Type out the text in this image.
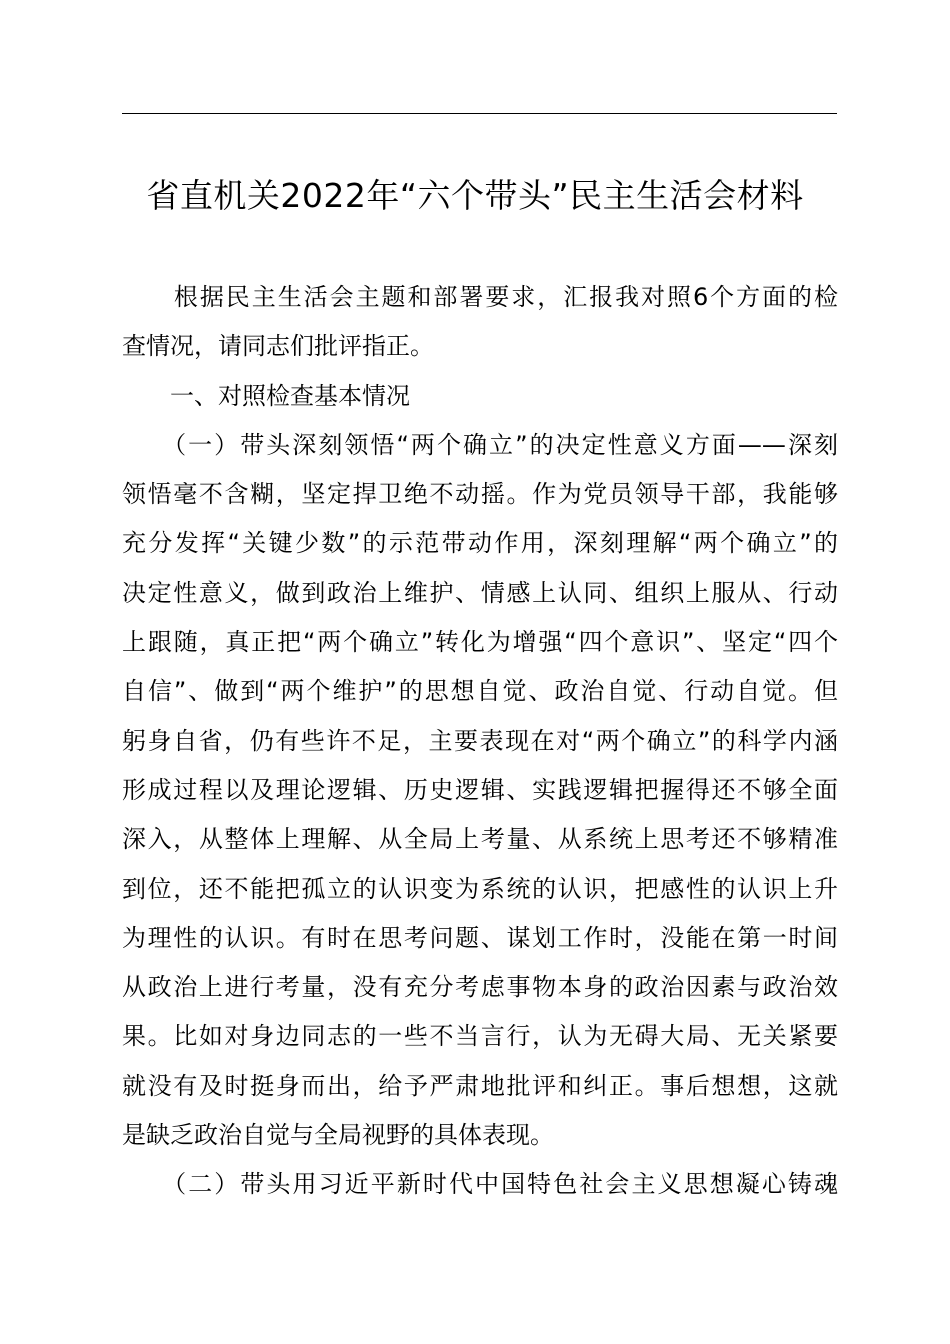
省直机关2022年“六个带头”民主生活会材料
　　根据民主生活会主题和部署要求，汇报我对照6个方面的检
查情况，请同志们批评指正。
　　一、对照检查基本情况
　　（一）带头深刻领悟“两个确立”的决定性意义方面——深刻
领悟毫不含糊，坚定捍卫绝不动摇。作为党员领导干部，我能够
充分发挥“关键少数”的示范带动作用，深刻理解“两个确立”的
决定性意义，做到政治上维护、情感上认同、组织上服从、行动
上跟随，真正把“两个确立”转化为增强“四个意识”、坚定“四个
自信”、做到“两个维护”的思想自觉、政治自觉、行动自觉。但
躬身自省，仍有些许不足，主要表现在对“两个确立”的科学内涵
形成过程以及理论逻辑、历史逻辑、实践逻辑把握得还不够全面
深入，从整体上理解、从全局上考量、从系统上思考还不够精准
到位，还不能把孤立的认识变为系统的认识，把感性的认识上升
为理性的认识。有时在思考问题、谋划工作时，没能在第一时间
从政治上进行考量，没有充分考虑事物本身的政治因素与政治效
果。比如对身边同志的一些不当言行，认为无碍大局、无关紧要
就没有及时挺身而出，给予严肃地批评和纠正。事后想想，这就
是缺乏政治自觉与全局视野的具体表现。
　　（二）带头用习近平新时代中国特色社会主义思想凝心铸魂
